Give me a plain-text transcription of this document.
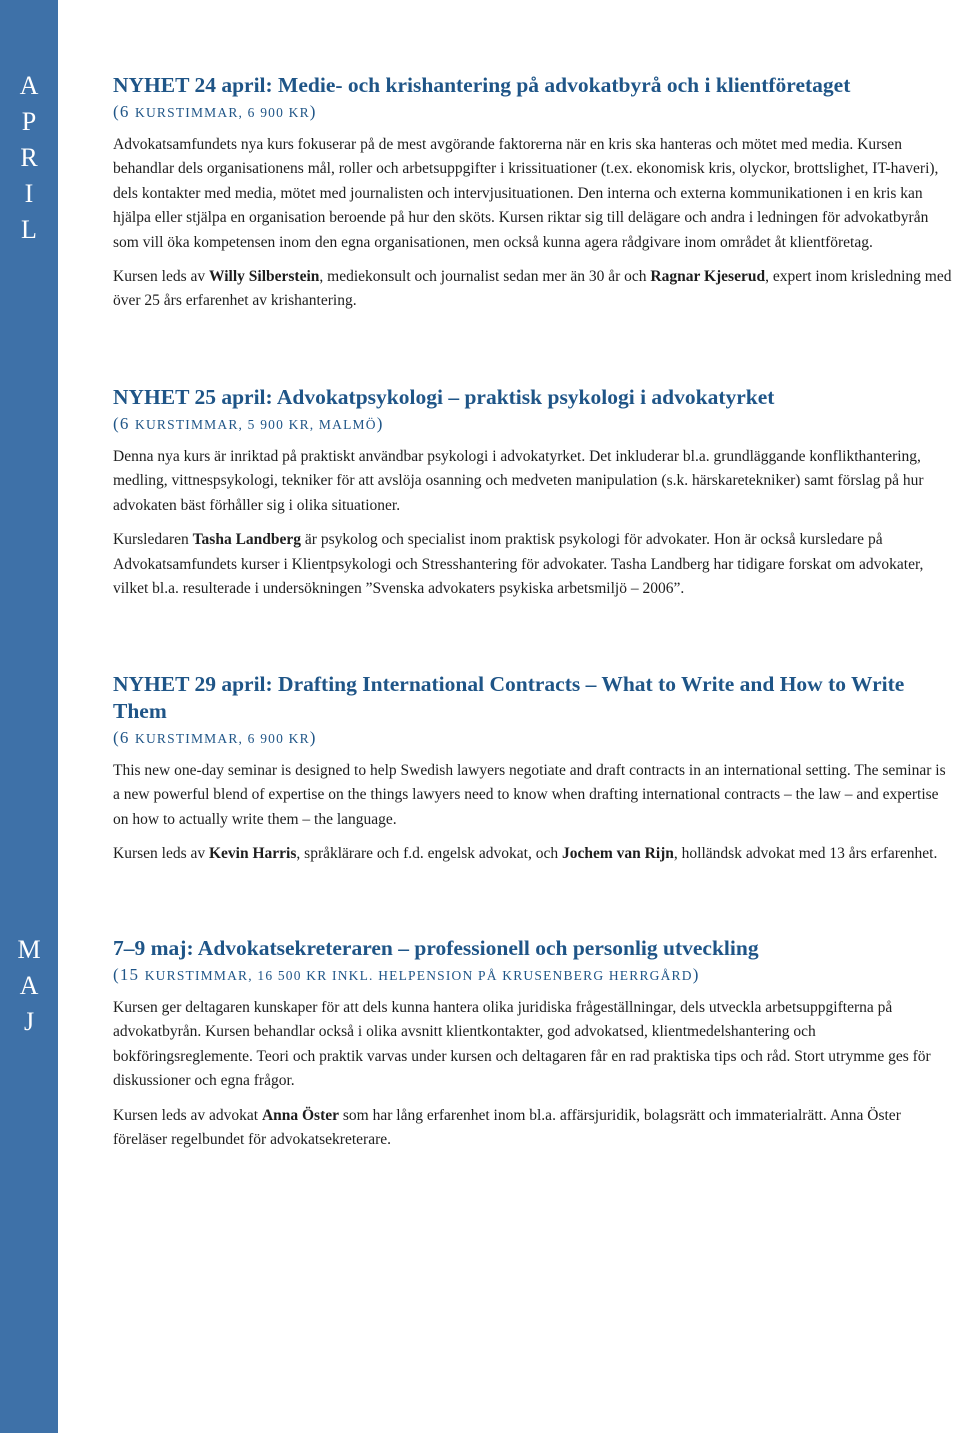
A
P
R
I
L
M
A
J
NYHET 24 april: Medie- och krishantering på advokatbyrå och i klientföretaget
(6 KURSTIMMAR, 6 900 KR)

Advokatsamfundets nya kurs fokuserar på de mest avgörande faktorerna när en kris ska hanteras och mötet med media. Kursen behandlar dels organisationens mål, roller och arbetsuppgifter i krissituationer (t.ex. ekonomisk kris, olyckor, brottslighet, IT-haveri), dels kontakter med media, mötet med journalisten och intervjusituationen. Den interna och externa kommunikationen i en kris kan hjälpa eller stjälpa en organisation beroende på hur den sköts. Kursen riktar sig till delägare och andra i ledningen för advokatbyrån som vill öka kompetensen inom den egna organisationen, men också kunna agera rådgivare inom området åt klientföretag.

Kursen leds av Willy Silberstein, mediekonsult och journalist sedan mer än 30 år och Ragnar Kjeserud, expert inom krisledning med över 25 års erfarenhet av krishantering.

NYHET 25 april: Advokatpsykologi – praktisk psykologi i advokatyrket
(6 KURSTIMMAR, 5 900 KR, MALMÖ)

Denna nya kurs är inriktad på praktiskt användbar psykologi i advokatyrket. Det inkluderar bl.a. grundläggande konflikthantering, medling, vittnespsykologi, tekniker för att avslöja osanning och medveten manipulation (s.k. härskaretekniker) samt förslag på hur advokaten bäst förhåller sig i olika situationer.

Kursledaren Tasha Landberg är psykolog och specialist inom praktisk psykologi för advokater. Hon är också kursledare på Advokatsamfundets kurser i Klientpsykologi och Stresshantering för advokater. Tasha Landberg har tidigare forskat om advokater, vilket bl.a. resulterade i undersökningen ”Svenska advokaters psykiska arbetsmiljö – 2006”.

NYHET 29 april: Drafting International Contracts – What to Write and How to Write Them
(6 KURSTIMMAR, 6 900 KR)

This new one-day seminar is designed to help Swedish lawyers negotiate and draft contracts in an international setting. The seminar is a new powerful blend of expertise on the things lawyers need to know when drafting international contracts – the law – and expertise on how to actually write them – the language.

Kursen leds av Kevin Harris, språklärare och f.d. engelsk advokat, och Jochem van Rijn, holländsk advokat med 13 års erfarenhet.

7–9 maj: Advokatsekreteraren – professionell och personlig utveckling
(15 KURSTIMMAR, 16 500 KR INKL. HELPENSION PÅ KRUSENBERG HERRGÅRD)

Kursen ger deltagaren kunskaper för att dels kunna hantera olika juridiska frågeställningar, dels utveckla arbetsuppgifterna på advokatbyrån. Kursen behandlar också i olika avsnitt klientkontakter, god advokatsed, klientmedelshantering och bokföringsreglemente. Teori och praktik varvas under kursen och deltagaren får en rad praktiska tips och råd. Stort utrymme ges för diskussioner och egna frågor.

Kursen leds av advokat Anna Öster som har lång erfarenhet inom bl.a. affärsjuridik, bolagsrätt och immaterialrätt. Anna Öster föreläser regelbundet för advokatsekreterare.
